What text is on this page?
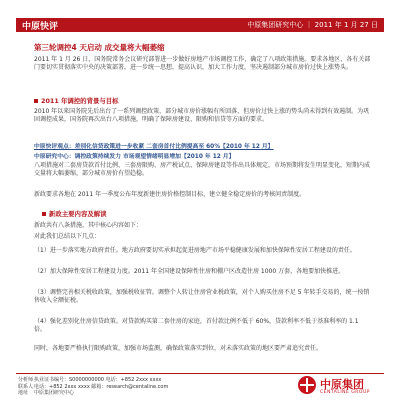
中原快评	中原集团研究中心 ｜ 2011 年 1 月 27 日
第三轮调控4 天启动 成交量将大幅萎缩
2011 年 1 月 26 日，国务院常务会议研究部署进一步做好房地产市场调控工作，确定了八项政策措施。要求各地区、各有关部门要切实贯彻落实中央的决策部署，进一步统一思想，提高认识，加大工作力度，坚决遏制部分城市房价过快上涨势头。
2011 年调控的背景与目标
2010 年以来国务院先后出台了一系列调控政策，部分城市房价涨幅有所回落，但房价过快上涨的势头尚未得到有效遏制。为巩固调控成果，国务院再次出台八项措施，明确了保障房建设、限购和信贷等方面的要求。
中原快评观点：差别化信贷政策进一步收紧 二套房首付比例提高至 60%【2010 年 12 月】
中原研究中心：调控政策持续发力 市场观望情绪明显增加【2010 年 12 月】
八项措施对二套房贷款首付比例、三套房限购、房产税试点、保障房建设等作出具体规定，市场预期将发生明显变化，短期内成交量将大幅萎缩，部分城市房价有望趋稳。
新政要求各地在 2011 年一季度公布年度新建住房价格控制目标，建立健全稳定房价的考核问责制度。
新政主要内容及解读
新政共有八条措施，其中核心内容如下：
对此我们总结以下几点：
（1）进一步落实地方政府责任。地方政府要切实承担起促进房地产市场平稳健康发展和加快保障性安居工程建设的责任。
（2）加大保障性安居工程建设力度。2011 年全国建设保障性住房和棚户区改造住房 1000 万套，各地要加快推进。
（3）调整完善相关税收政策，加强税收征管。调整个人转让住房营业税政策，对个人购买住房不足 5 年转手交易的，统一按销售收入全额征税。
（4）强化差别化住房信贷政策。对贷款购买第二套住房的家庭，首付款比例不低于 60%，贷款利率不低于基准利率的 1.1 倍。
同时，各地要严格执行限购政策，加强市场监测，确保政策落实到位，对未落实政策的地区要严肃追究责任。
分析师执业证书编号：S0000000000 电话：+852 2xxx xxxx
联系人电话：+852 2xxx xxxx 邮箱：research@centaline.com
地址 中原集团研究中心
中原集团
CENTALINE GROUP
